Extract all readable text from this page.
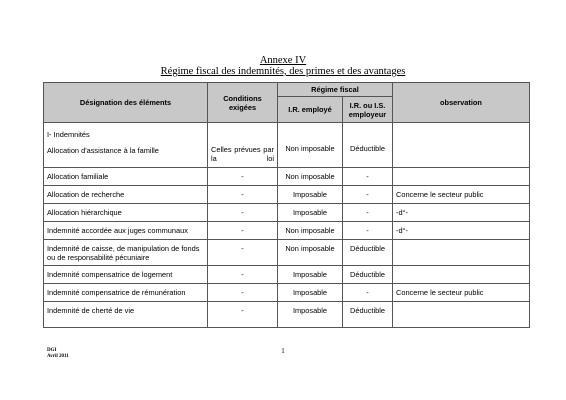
Annexe IV
Régime fiscal des indemnités, des primes et des avantages
Désignation des éléments	Conditions exigées	Régime fiscal		observation
		I.R. employé	I.R. ou I.S. employeur	

I- Indemnités
Allocation d'assistance à la famille	Celles prévues par la loi	Non imposable	Déductible	
Allocation familiale	-	Non imposable	-	
Allocation de recherche	-	Imposable	-	Concerne le secteur public
Allocation hiérarchique	-	Imposable	-	-d°-
Indemnité accordée aux juges communaux	-	Non imposable	-	-d°-
Indemnité de caisse, de manipulation de fonds ou de responsabilité pécuniaire	-	Non imposable	Déductible	
Indemnité compensatrice de logement	-	Imposable	Déductible	
Indemnité compensatrice de rémunération	-	Imposable	-	Concerne le secteur public
Indemnité de cherté de vie	-	Imposable	Déductible	
DGI
Avril 2011
1
